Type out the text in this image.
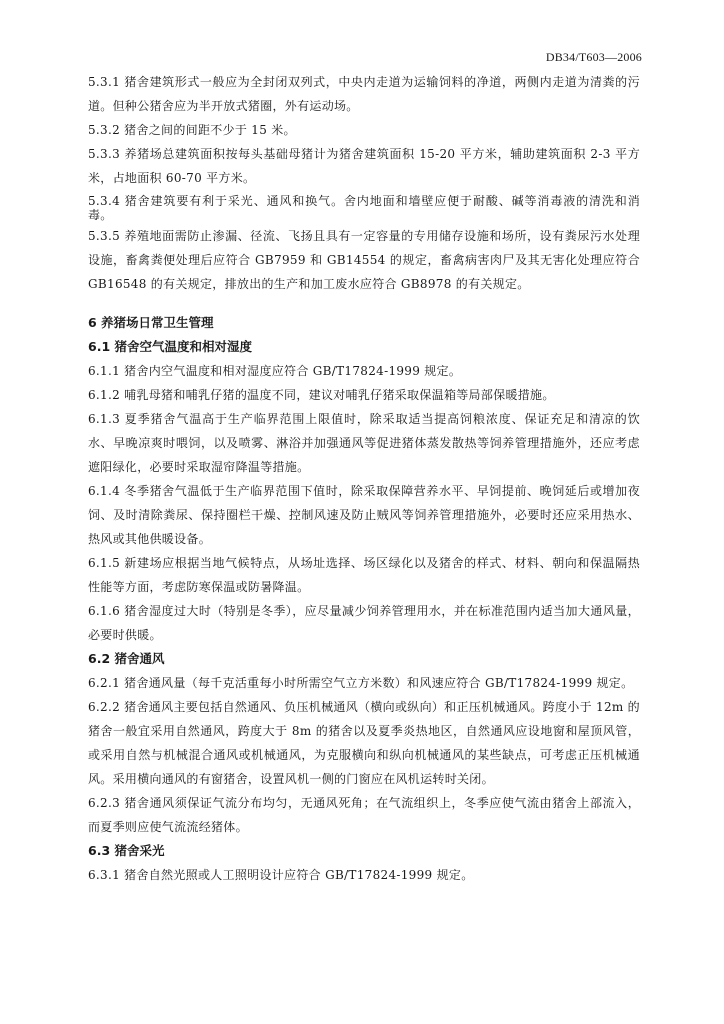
DB34/T603—2006

5.3.1 猪舍建筑形式一般应为全封闭双列式，中央内走道为运输饲料的净道，两侧内走道为清粪的污道。但种公猪舍应为半开放式猪圈，外有运动场。

5.3.2 猪舍之间的间距不少于 15 米。

5.3.3 养猪场总建筑面积按每头基础母猪计为猪舍建筑面积 15-20 平方米，辅助建筑面积 2-3 平方米，占地面积 60-70 平方米。

5.3.4 猪舍建筑要有利于采光、通风和换气。舍内地面和墙壁应便于耐酸、碱等消毒液的清洗和消毒。

5.3.5 养殖地面需防止渗漏、径流、飞扬且具有一定容量的专用储存设施和场所，设有粪尿污水处理设施，畜禽粪便处理后应符合 GB7959 和 GB14554 的规定，畜禽病害肉尸及其无害化处理应符合 GB16548 的有关规定，排放出的生产和加工废水应符合 GB8978 的有关规定。

6 养猪场日常卫生管理

6.1 猪舍空气温度和相对湿度

6.1.1 猪舍内空气温度和相对湿度应符合 GB/T17824-1999 规定。

6.1.2 哺乳母猪和哺乳仔猪的温度不同，建议对哺乳仔猪采取保温箱等局部保暖措施。

6.1.3 夏季猪舍气温高于生产临界范围上限值时，除采取适当提高饲粮浓度、保证充足和清凉的饮水、早晚凉爽时喂饲，以及喷雾、淋浴并加强通风等促进猪体蒸发散热等饲养管理措施外，还应考虑遮阳绿化，必要时采取湿帘降温等措施。

6.1.4 冬季猪舍气温低于生产临界范围下值时，除采取保障营养水平、早饲提前、晚饲延后或增加夜饲、及时清除粪尿、保持圈栏干燥、控制风速及防止贼风等饲养管理措施外，必要时还应采用热水、热风或其他供暖设备。

6.1.5 新建场应根据当地气候特点，从场址选择、场区绿化以及猪舍的样式、材料、朝向和保温隔热性能等方面，考虑防寒保温或防暑降温。

6.1.6 猪舍湿度过大时（特别是冬季），应尽量减少饲养管理用水，并在标准范围内适当加大通风量，必要时供暖。

6.2 猪舍通风

6.2.1 猪舍通风量（每千克活重每小时所需空气立方米数）和风速应符合 GB/T17824-1999 规定。

6.2.2 猪舍通风主要包括自然通风、负压机械通风（横向或纵向）和正压机械通风。跨度小于 12m 的猪舍一般宜采用自然通风，跨度大于 8m 的猪舍以及夏季炎热地区，自然通风应设地窗和屋顶风管，或采用自然与机械混合通风或机械通风，为克服横向和纵向机械通风的某些缺点，可考虑正压机械通风。采用横向通风的有窗猪舍，设置风机一侧的门窗应在风机运转时关闭。

6.2.3 猪舍通风须保证气流分布均匀，无通风死角；在气流组织上，冬季应使气流由猪舍上部流入，而夏季则应使气流流经猪体。

6.3 猪舍采光

6.3.1 猪舍自然光照或人工照明设计应符合 GB/T17824-1999 规定。
